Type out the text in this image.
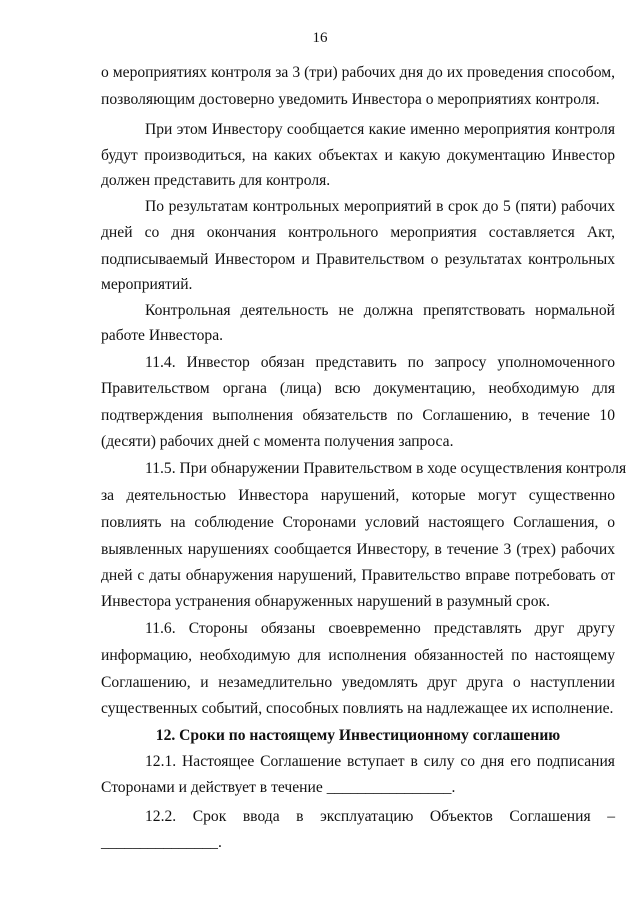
16
о мероприятиях контроля за 3 (три) рабочих дня до их проведения способом,
позволяющим достоверно уведомить Инвестора о мероприятиях контроля.
При этом Инвестору сообщается какие именно мероприятия контроля
будут производиться, на каких объектах и какую документацию Инвестор
должен представить для контроля.
По результатам контрольных мероприятий в срок до 5 (пяти) рабочих
дней со дня окончания контрольного мероприятия составляется Акт,
подписываемый Инвестором и Правительством о результатах контрольных
мероприятий.
Контрольная деятельность не должна препятствовать нормальной
работе Инвестора.
11.4. Инвестор обязан представить по запросу уполномоченного
Правительством органа (лица) всю документацию, необходимую для
подтверждения выполнения обязательств по Соглашению, в течение 10
(десяти) рабочих дней с момента получения запроса.
11.5. При обнаружении Правительством в ходе осуществления контроля
за деятельностью Инвестора нарушений, которые могут существенно
повлиять на соблюдение Сторонами условий настоящего Соглашения, о
выявленных нарушениях сообщается Инвестору, в течение 3 (трех) рабочих
дней с даты обнаружения нарушений, Правительство вправе потребовать от
Инвестора устранения обнаруженных нарушений в разумный срок.
11.6. Стороны обязаны своевременно представлять друг другу
информацию, необходимую для исполнения обязанностей по настоящему
Соглашению, и незамедлительно уведомлять друг друга о наступлении
существенных событий, способных повлиять на надлежащее их исполнение.
12. Сроки по настоящему Инвестиционному соглашению
12.1. Настоящее Соглашение вступает в силу со дня его подписания
Сторонами и действует в течение ________________.
12.2. Срок ввода в эксплуатацию Объектов Соглашения –
_______________.
